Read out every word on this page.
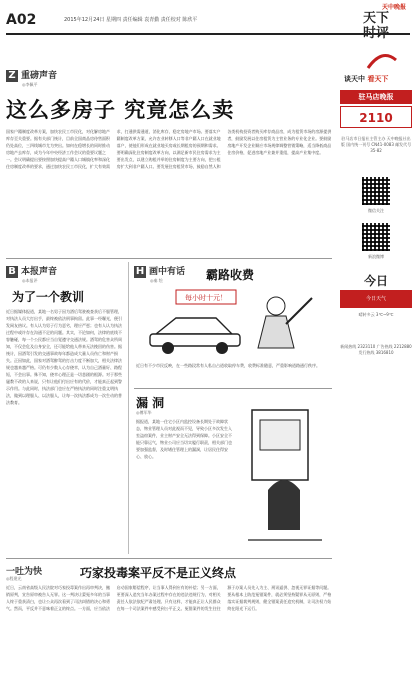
A02	2015年12月24日 星期四 责任编辑 袁青勤 责任校对 陈欣平
天中晚报
天下
时评
Z 重磅声音
◎李佩平
这么多房子 究竟怎么卖
国家户籍制度改革方案，加快农民工市民化，对化解房地产库存至关重要。据有关部门统计，目前全国商品房待售面积仍处高位，三四线城市尤为突出。如何在稳增长的同时推动房地产去库存，成为今年中央经济工作会议的重要议题之一。会议明确提出要按照加快提高户籍人口城镇化率和深化住房制度改革的要求，通过加快农民工市民化，扩大有效需求，打通供需通道，消化库存，稳定房地产市场。要落实户籍制度改革方案，允许农业转移人口等非户籍人口在就业地落户，使他们形成在就业地买房或长期租房的预期和需求。要明确深化住房制度改革方向，以满足新市民住房需求为主要出发点，以建立购租并举的住房制度为主要方向，把公租房扩大到非户籍人口。要发展住房租赁市场，鼓励自然人和各类机构投资者购买库存商品房，成为租赁市场的房源提供者，鼓励发展以住房租赁为主营业务的专业化企业。要鼓励房地产开发企业顺应市场规律调整营销策略，适当降低商品住房价格，促进房地产业兼并重组，提高产业集中度。
B 本报声音
◎本报评
为了一个教训
近日据媒体报道，某地一名男子因为酒后驾驶被查获后不服管理，对执法人员大打出手，最终被依法刑事拘留。此事一经曝光，便引发网友热议。有人认为男子行为恶劣，理应严惩；也有人认为执法过程中或许存在沟通不足的问题。其实，不论如何，法律的底线不容触碰，每一个公民都应当自觉遵守交通法规。酒驾的危害众所周知，不仅会危及自身安全，还可能给他人带来无法挽回的伤害。据统计，因酒驾引发的交通事故每年都造成大量人员伤亡和财产损失。正因如此，国家对酒驾醉驾的打击力度不断加大，相关法律法规也越来越严格。可仍有少数人心存侥幸，认为自己酒量好、路程短，不会出事。殊不知，侥幸心理正是一切悲剧的根源。对于那些屡教不改的人来说，只有让他们付出应有的代价，才能真正起到警示作用。与此同时，执法部门也应在严格执法的同时注重文明执法，做到以理服人、以法服人，让每一次执法都成为一次生动的普法教育。
H 画中有话
◎秦 绘	霸路收费
每小时十元！
近日有不少市民反映，在一些路段常有人私自占道收取停车费，收费标准随意，严重影响道路通行秩序。
漏 洞
◎傅军华
据报道，某地一住宅小区内监控设备长期处于故障状态，物业管理人员对此视而不见，导致小区多次发生入室盗窃案件，业主财产安全无法得到保障。小区安全不能只靠运气，物业公司应当切实履行职责，相关部门也要加强监督，及时堵住管理上的漏洞，让居民住得安心、放心。
一吐为快
◎程建光	巧家投毒案平反不是正义终点
近日，云南省高级人民法院对巧家投毒案作出再审判决，撤销原判，宣告原审被告人无罪。这一判决让蒙冤多年的当事人终于重获清白，也让公众再次看到了司法纠错的决心和勇气。然而，平反并不意味着正义的终点。一方面，应当依法启动国家赔偿程序，让当事人得到应有的补偿；另一方面，更要深入追究当年办案过程中存在的违法违规行为，对相关责任人依法依纪严肃处理。只有这样，才能真正让人民群众在每一个司法案件中感受到公平正义。冤错案件的发生往往源于办案人员先入为主、刑讯逼供、忽视无罪证据等问题。要从根本上防范冤错案件，就必须坚持疑罪从无原则，严格落实证据裁判规则，健全错案责任追究机制，让司法权力始终在阳光下运行。
谈天中 看天下
驻马店晚报
2110
驻马店市日报社主管主办 天中晚报社出版 国内统一刊号 CN41-0083 邮发代号 35-82
微信关注
新浪微博
今日
今日天气
晴转多云 3℃~9℃
新闻热线 2323110 广告热线 2212880 发行热线 3816810
